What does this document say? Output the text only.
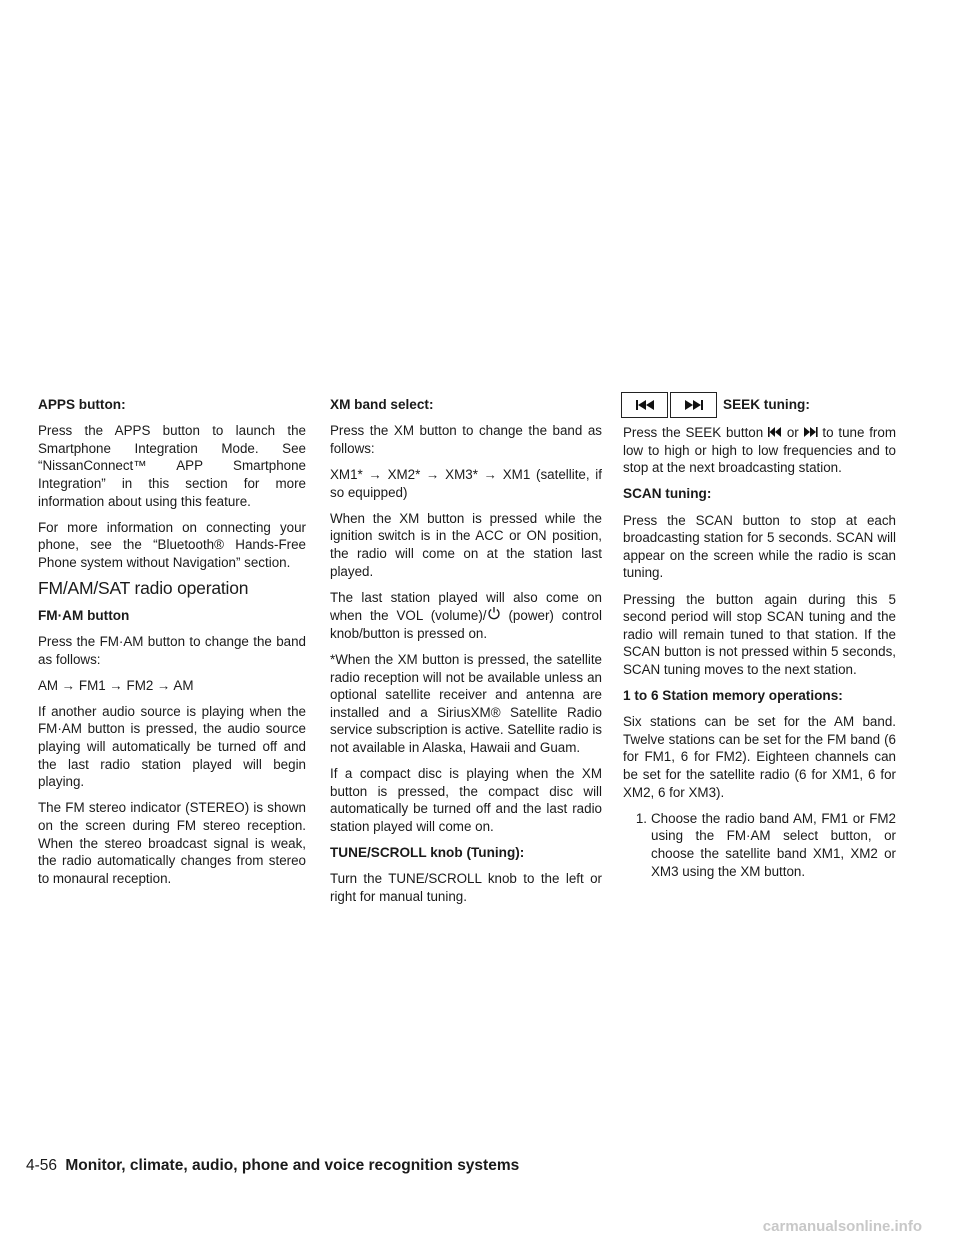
APPS button:

Press the APPS button to launch the Smartphone Integration Mode. See “NissanConnect™ APP Smartphone Integration” in this section for more information about using this feature.

For more information on connecting your phone, see the “Bluetooth® Hands-Free Phone system without Navigation” section.

FM/AM/SAT radio operation
FM·AM button

Press the FM·AM button to change the band as follows:

AM → FM1 → FM2 → AM

If another audio source is playing when the FM·AM button is pressed, the audio source playing will automatically be turned off and the last radio station played will begin playing.

The FM stereo indicator (STEREO) is shown on the screen during FM stereo reception. When the stereo broadcast signal is weak, the radio automatically changes from stereo to monaural reception.

XM band select:

Press the XM button to change the band as follows:

XM1* → XM2* → XM3* → XM1 (satellite, if so equipped)

When the XM button is pressed while the ignition switch is in the ACC or ON position, the radio will come on at the station last played.

The last station played will also come on when the VOL (volume)/ (power) control knob/button is pressed on.

*When the XM button is pressed, the satellite radio reception will not be available unless an optional satellite receiver and antenna are installed and a SiriusXM® Satellite Radio service subscription is active. Satellite radio is not available in Alaska, Hawaii and Guam.

If a compact disc is playing when the XM button is pressed, the compact disc will automatically be turned off and the last radio station played will come on.

TUNE/SCROLL knob (Tuning):

Turn the TUNE/SCROLL knob to the left or right for manual tuning.

SEEK tuning:

Press the SEEK button or to tune from low to high or high to low frequencies and to stop at the next broadcasting station.

SCAN tuning:

Press the SCAN button to stop at each broadcasting station for 5 seconds. SCAN will appear on the screen while the radio is scan tuning.

Pressing the button again during this 5 second period will stop SCAN tuning and the radio will remain tuned to that station. If the SCAN button is not pressed within 5 seconds, SCAN tuning moves to the next station.

1 to 6 Station memory operations:

Six stations can be set for the AM band. Twelve stations can be set for the FM band (6 for FM1, 6 for FM2). Eighteen channels can be set for the satellite radio (6 for XM1, 6 for XM2, 6 for XM3).

1. Choose the radio band AM, FM1 or FM2 using the FM·AM select button, or choose the satellite band XM1, XM2 or XM3 using the XM button.
4-56 Monitor, climate, audio, phone and voice recognition systems
carmanualsonline.info
